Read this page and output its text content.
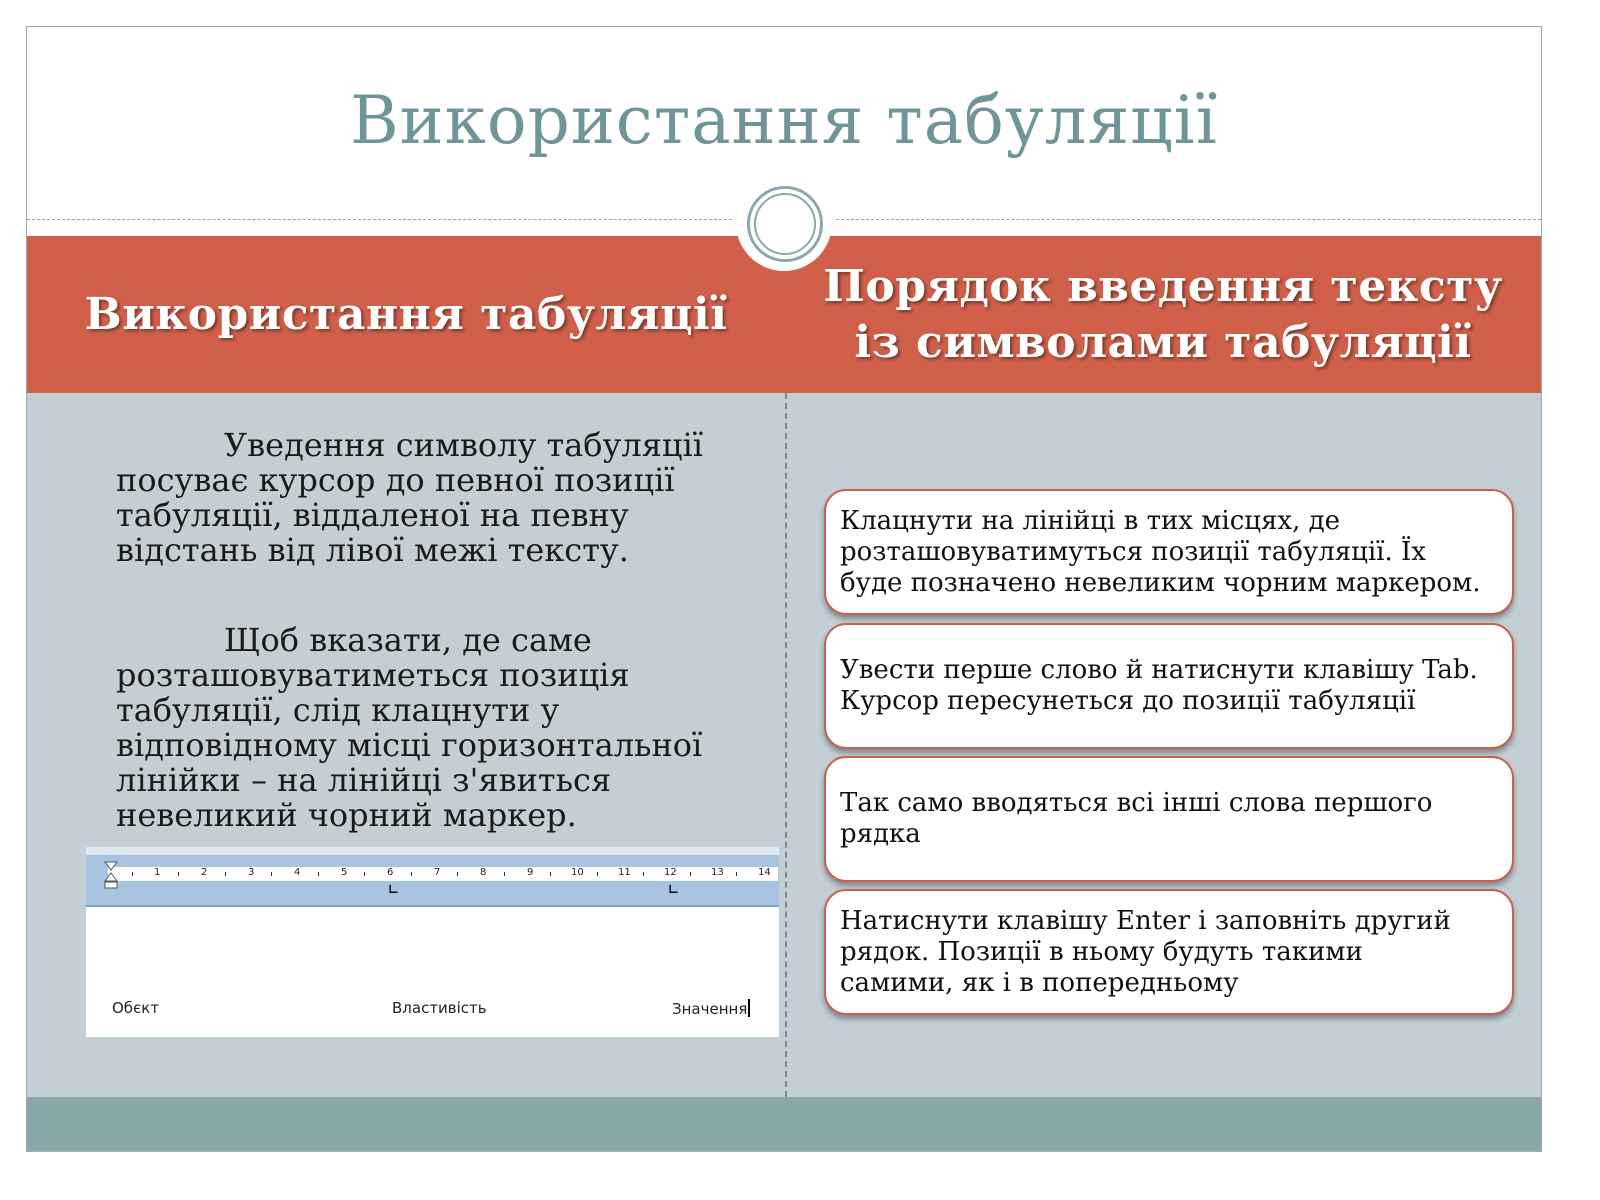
Використання табуляції
Використання табуляції
Порядок введення тексту
із символами табуляції
Уведення символу табуляції
посуває курсор до певної позиції
табуляції, віддаленої на певну
відстань від лівої межі тексту.
Щоб вказати, де саме
розташовуватиметься позиція
табуляції, слід клацнути у
відповідному місці горизонтальної
лінійки – на лінійці з'явиться
невеликий чорний маркер.
1	2	3	4	5	6	7	8	9	10	11	12	13	14
∟	∟
Обєкт	Властивість	Значення
Клацнути на лінійці в тих місцях, де
розташовуватимуться позиції табуляції. Їх
буде позначено невеликим чорним маркером.
Увести перше слово й натиснути клавішу Tab.
Курсор пересунеться до позиції табуляції
Так само вводяться всі інші слова першого
рядка
Натиснути клавішу Enter і заповніть другий
рядок. Позиції в ньому будуть такими
самими, як і в попередньому
